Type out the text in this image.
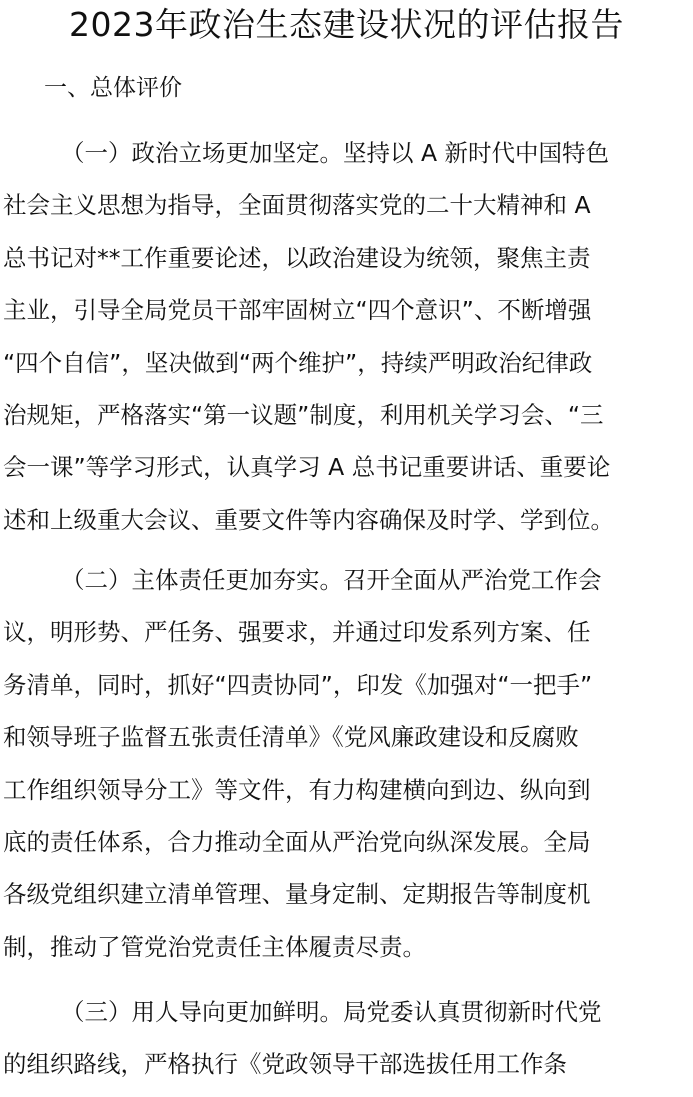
2023年政治生态建设状况的评估报告
一、总体评价
（一）政治立场更加坚定。坚持以 A 新时代中国特色
社会主义思想为指导，全面贯彻落实党的二十大精神和 A
总书记对**工作重要论述，以政治建设为统领，聚焦主责
主业，引导全局党员干部牢固树立“四个意识”、不断增强
“四个自信”，坚决做到“两个维护”，持续严明政治纪律政
治规矩，严格落实“第一议题”制度，利用机关学习会、“三
会一课”等学习形式，认真学习 A 总书记重要讲话、重要论
述和上级重大会议、重要文件等内容确保及时学、学到位。
（二）主体责任更加夯实。召开全面从严治党工作会
议，明形势、严任务、强要求，并通过印发系列方案、任
务清单，同时，抓好“四责协同”，印发《加强对“一把手”
和领导班子监督五张责任清单》《党风廉政建设和反腐败
工作组织领导分工》等文件，有力构建横向到边、纵向到
底的责任体系，合力推动全面从严治党向纵深发展。全局
各级党组织建立清单管理、量身定制、定期报告等制度机
制，推动了管党治党责任主体履责尽责。
（三）用人导向更加鲜明。局党委认真贯彻新时代党
的组织路线，严格执行《党政领导干部选拔任用工作条
